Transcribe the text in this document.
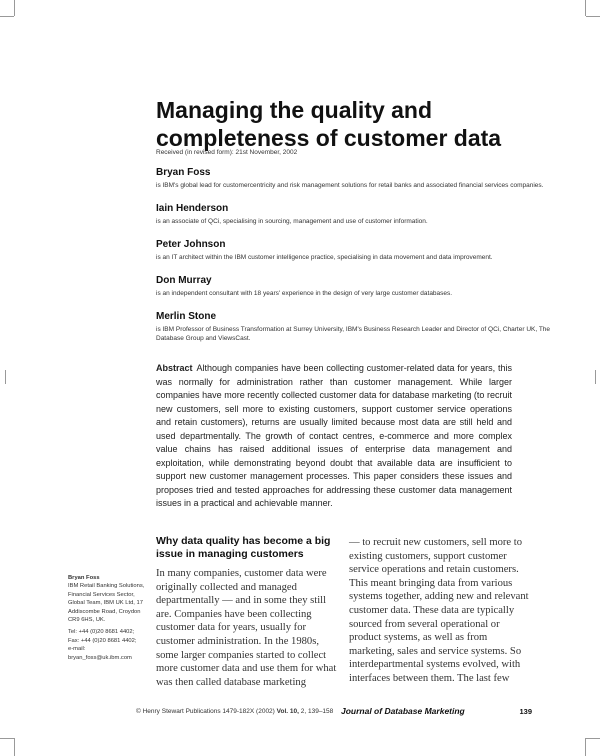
Managing the quality and completeness of customer data
Received (in revised form): 21st November, 2002
Bryan Foss
is IBM's global lead for customercentricity and risk management solutions for retail banks and associated financial services companies.
Iain Henderson
is an associate of QCi, specialising in sourcing, management and use of customer information.
Peter Johnson
is an IT architect within the IBM customer intelligence practice, specialising in data movement and data improvement.
Don Murray
is an independent consultant with 18 years' experience in the design of very large customer databases.
Merlin Stone
is IBM Professor of Business Transformation at Surrey University, IBM's Business Research Leader and Director of QCi, Charter UK, The Database Group and ViewsCast.
Abstract Although companies have been collecting customer-related data for years, this was normally for administration rather than customer management. While larger companies have more recently collected customer data for database marketing (to recruit new customers, sell more to existing customers, support customer service operations and retain customers), returns are usually limited because most data are still held and used departmentally. The growth of contact centres, e-commerce and more complex value chains has raised additional issues of enterprise data management and exploitation, while demonstrating beyond doubt that available data are insufficient to support new customer management processes. This paper considers these issues and proposes tried and tested approaches for addressing these customer data management issues in a practical and achievable manner.
Bryan Foss
IBM Retail Banking Solutions, Financial Services Sector, Global Team, IBM UK Ltd, 17 Addiscombe Road, Croydon CR9 6HS, UK.
Tel: +44 (0)20 8681 4402;
Fax: +44 (0)20 8681 4402;
e-mail:
bryan_foss@uk.ibm.com
Why data quality has become a big issue in managing customers

In many companies, customer data were originally collected and managed departmentally — and in some they still are. Companies have been collecting customer data for years, usually for customer administration. In the 1980s, some larger companies started to collect more customer data and use them for what was then called database marketing

— to recruit new customers, sell more to existing customers, support customer service operations and retain customers. This meant bringing data from various systems together, adding new and relevant customer data. These data are typically sourced from several operational or product systems, as well as from marketing, sales and service systems. So interdepartmental systems evolved, with interfaces between them. The last few

© Henry Stewart Publications 1479-182X (2002) Vol. 10, 2, 139–158 Journal of Database Marketing	139
